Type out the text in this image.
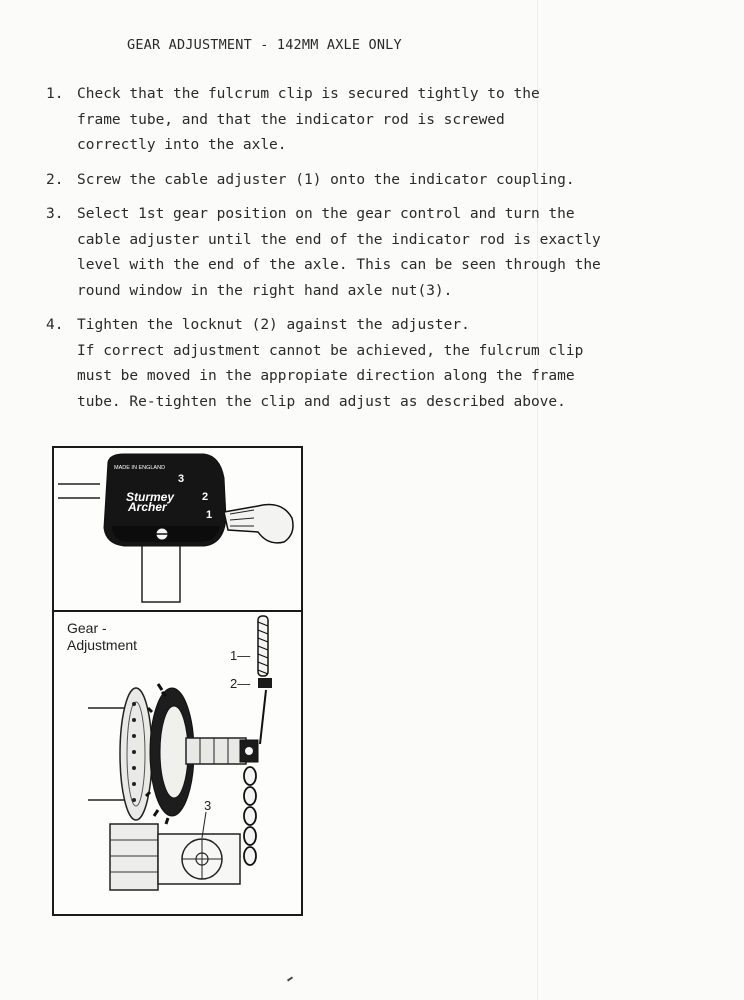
GEAR ADJUSTMENT - 142MM AXLE ONLY
1. Check that the fulcrum clip is secured tightly to the
frame tube, and that the indicator rod is screwed
correctly into the axle.
2. Screw the cable adjuster (1) onto the indicator coupling.
3. Select 1st gear position on the gear control and turn the
cable adjuster until the end of the indicator rod is exactly
level with the end of the axle. This can be seen through the
round window in the right hand axle nut(3).
4. Tighten the locknut (2) against the adjuster.
If correct adjustment cannot be achieved, the fulcrum clip
must be moved in the appropiate direction along the frame
tube. Re-tighten the clip and adjust as described above.
MADE IN ENGLAND
3
Sturmey	2
Archer
1
Gear -
Adjustment
1—
2—
3
